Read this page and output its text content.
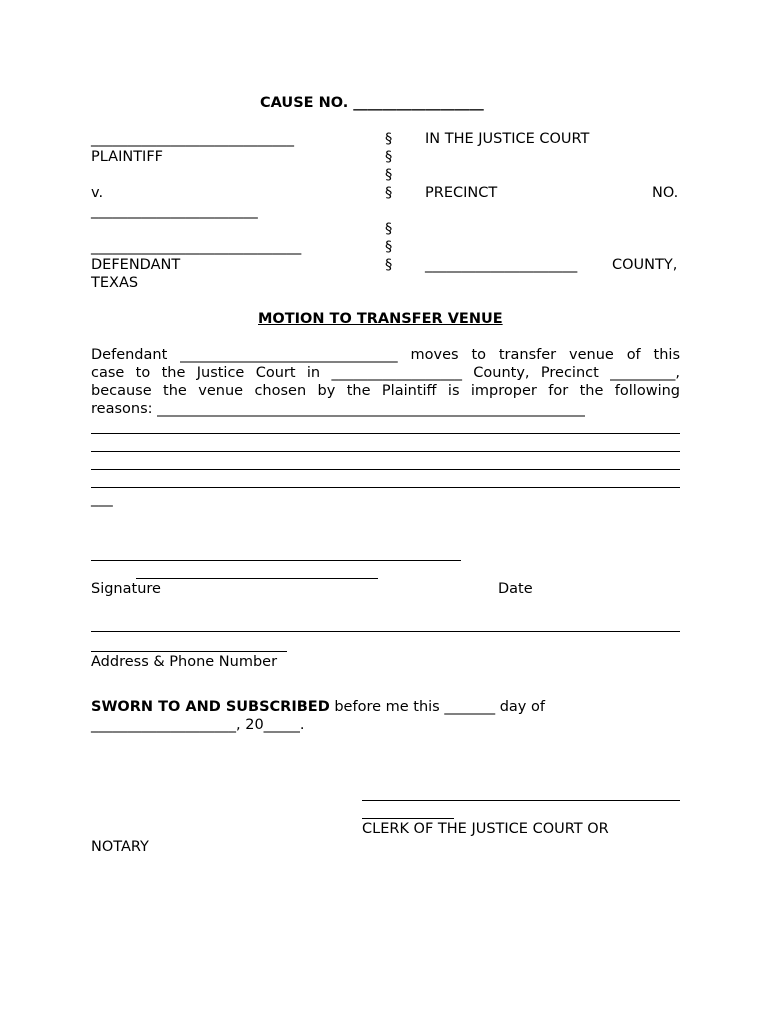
CAUSE NO. __________________
____________________________
PLAINTIFF
v.
_______________________
_____________________________
DEFENDANT
TEXAS
§
§
§
§
§
§
§
IN THE JUSTICE COURT
PRECINCT	NO.
_____________________ COUNTY,
MOTION TO TRANSFER VENUE
Defendant ______________________________ moves to transfer venue of this
case to the Justice Court in __________________ County, Precinct _________,
because the venue chosen by the Plaintiff is improper for the following
reasons: ___________________________________________________________
___
Signature	Date
Address & Phone Number
SWORN TO AND SUBSCRIBED before me this _______ day of
____________________, 20_____.
CLERK OF THE JUSTICE COURT OR
NOTARY
